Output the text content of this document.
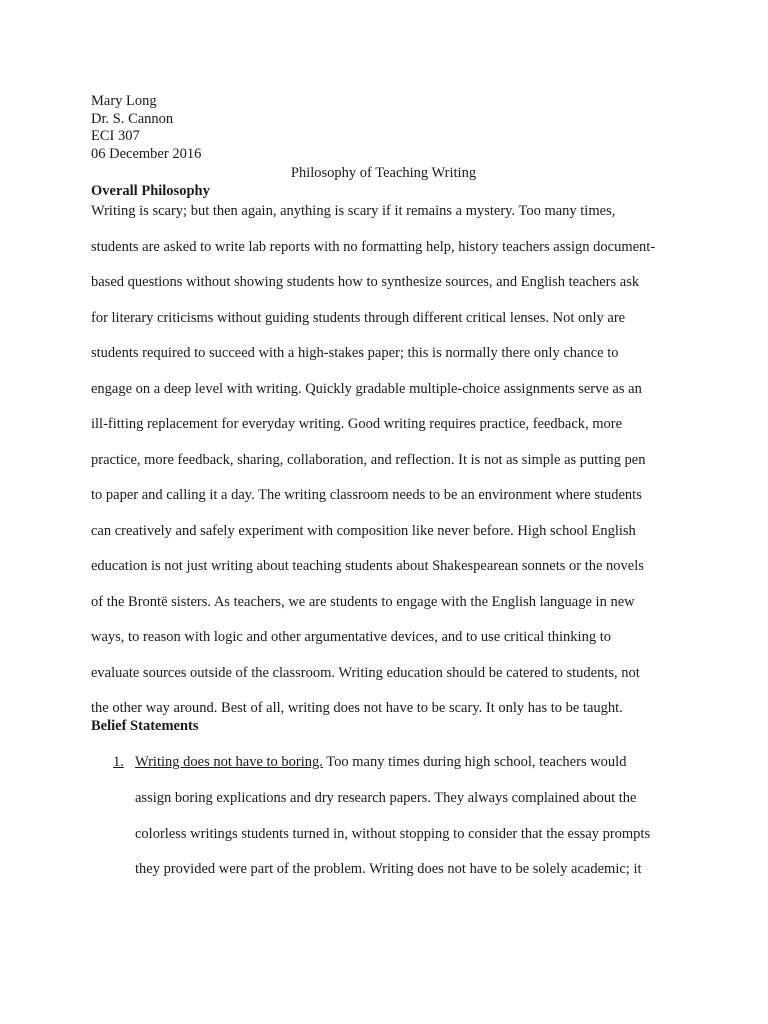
Mary Long
Dr. S. Cannon
ECI 307
06 December 2016
Philosophy of Teaching Writing
Overall Philosophy
Writing is scary; but then again, anything is scary if it remains a mystery. Too many times,
students are asked to write lab reports with no formatting help, history teachers assign document-
based questions without showing students how to synthesize sources, and English teachers ask
for literary criticisms without guiding students through different critical lenses. Not only are
students required to succeed with a high-stakes paper; this is normally there only chance to
engage on a deep level with writing. Quickly gradable multiple-choice assignments serve as an
ill-fitting replacement for everyday writing. Good writing requires practice, feedback, more
practice, more feedback, sharing, collaboration, and reflection. It is not as simple as putting pen
to paper and calling it a day. The writing classroom needs to be an environment where students
can creatively and safely experiment with composition like never before. High school English
education is not just writing about teaching students about Shakespearean sonnets or the novels
of the Brontë sisters. As teachers, we are students to engage with the English language in new
ways, to reason with logic and other argumentative devices, and to use critical thinking to
evaluate sources outside of the classroom. Writing education should be catered to students, not
the other way around. Best of all, writing does not have to be scary. It only has to be taught.
Belief Statements
1. Writing does not have to boring. Too many times during high school, teachers would
assign boring explications and dry research papers. They always complained about the
colorless writings students turned in, without stopping to consider that the essay prompts
they provided were part of the problem. Writing does not have to be solely academic; it
